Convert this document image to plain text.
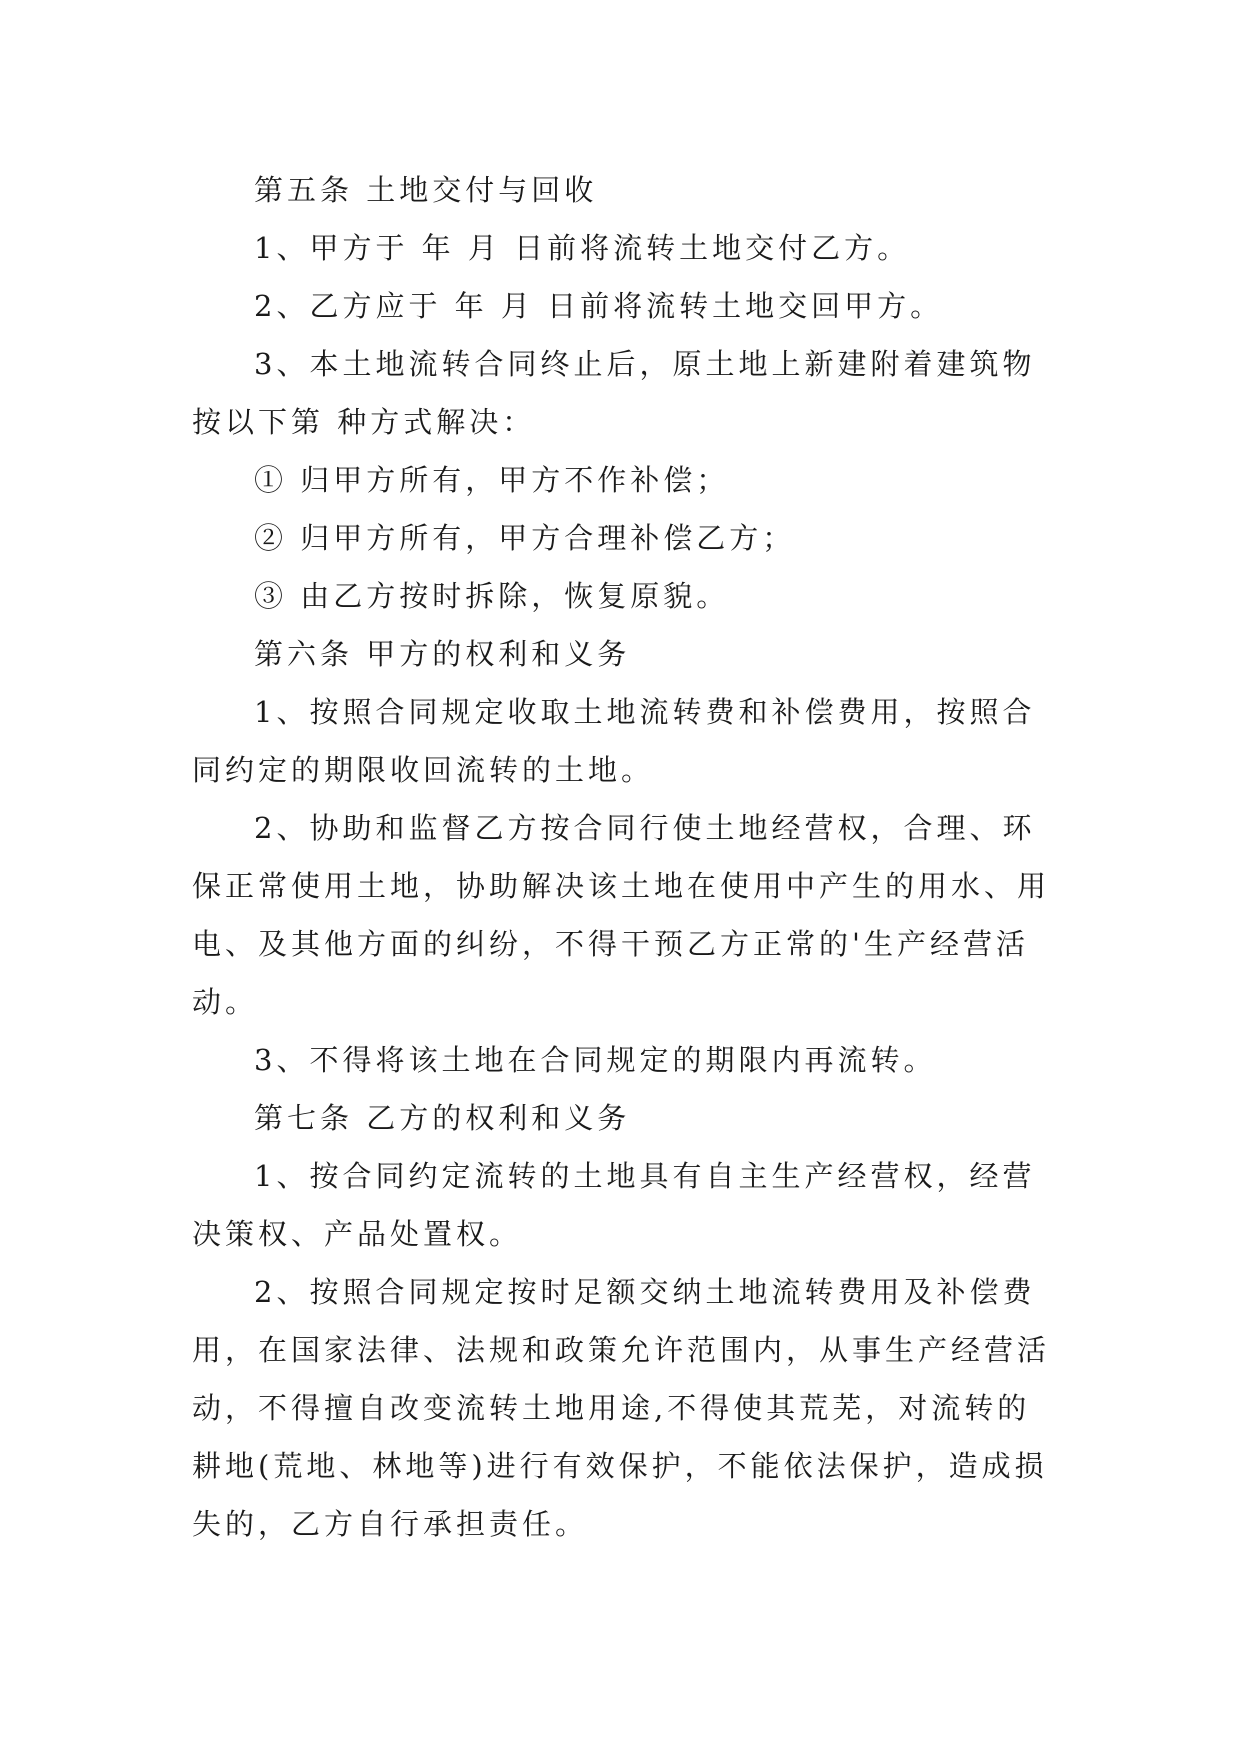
第五条 土地交付与回收

1、甲方于 年 月 日前将流转土地交付乙方。

2、乙方应于 年 月 日前将流转土地交回甲方。

3、本土地流转合同终止后，原土地上新建附着建筑物按以下第 种方式解决：

① 归甲方所有，甲方不作补偿；

② 归甲方所有，甲方合理补偿乙方；

③ 由乙方按时拆除，恢复原貌。

第六条 甲方的权利和义务

1、按照合同规定收取土地流转费和补偿费用，按照合同约定的期限收回流转的土地。

2、协助和监督乙方按合同行使土地经营权，合理、环保正常使用土地，协助解决该土地在使用中产生的用水、用电、及其他方面的纠纷，不得干预乙方正常的'生产经营活动。

3、不得将该土地在合同规定的期限内再流转。

第七条 乙方的权利和义务

1、按合同约定流转的土地具有自主生产经营权，经营决策权、产品处置权。

2、按照合同规定按时足额交纳土地流转费用及补偿费用，在国家法律、法规和政策允许范围内，从事生产经营活动，不得擅自改变流转土地用途,不得使其荒芜，对流转的耕地(荒地、林地等)进行有效保护，不能依法保护，造成损失的，乙方自行承担责任。
